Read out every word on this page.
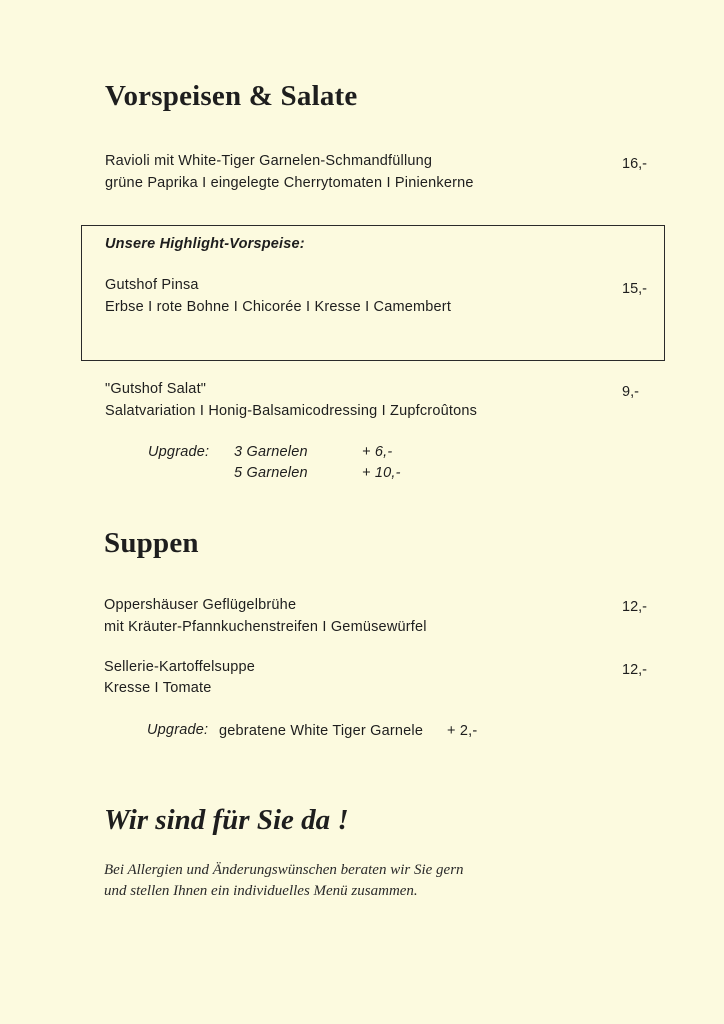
Vorspeisen & Salate
Ravioli mit White-Tiger Garnelen-Schmandfüllung
grüne Paprika I eingelegte Cherrytomaten I Pinienkerne
16,-
Unsere Highlight-Vorspeise:
Gutshof Pinsa
Erbse I rote Bohne I Chicorée I Kresse I Camembert
15,-
"Gutshof Salat"
Salatvariation I Honig-Balsamicodressing I Zupfcroûtons
9,-
Upgrade: 3 Garnelen	+ 6,-
5 Garnelen	+ 10,-
Suppen
Oppershäuser Geflügelbrühe
mit Kräuter-Pfannkuchenstreifen I Gemüsewürfel
12,-
Sellerie-Kartoffelsuppe
Kresse I Tomate
12,-
Upgrade: gebratene White Tiger Garnele + 2,-
Wir sind für Sie da !
Bei Allergien und Änderungswünschen beraten wir Sie gern
und stellen Ihnen ein individuelles Menü zusammen.
